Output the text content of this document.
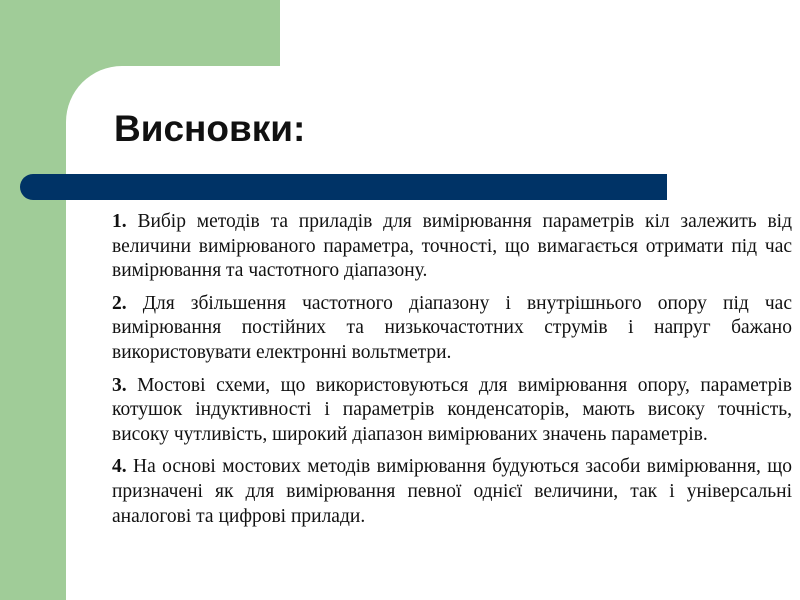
Висновки:

1. Вибір методів та приладів для вимірювання параметрів кіл залежить від величини вимірюваного параметра, точності, що вимагається отримати під час вимірювання та частотного діапазону.

2. Для збільшення частотного діапазону і внутрішнього опору під час вимірювання постійних та низькочастотних струмів і напруг бажано використовувати електронні вольтметри.

3. Мостові схеми, що використовуються для вимірювання опору, параметрів котушок індуктивності і параметрів конденсаторів, мають високу точність, високу чутливість, широкий діапазон вимірюваних значень параметрів.

4. На основі мостових методів вимірювання будуються засоби вимірювання, що призначені як для вимірювання певної однієї величини, так і універсальні аналогові та цифрові прилади.
